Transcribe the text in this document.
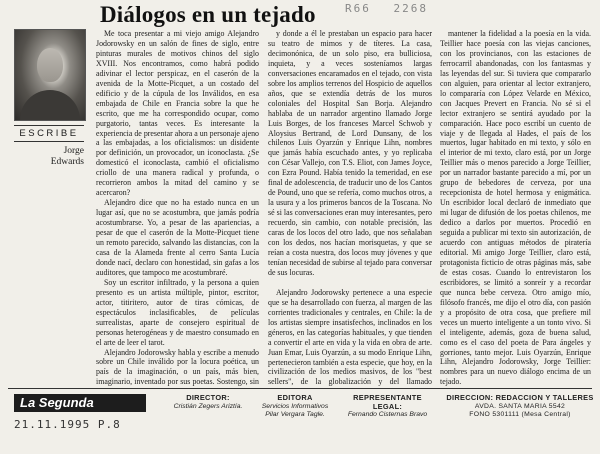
Diálogos en un tejado	R66 2268
ESCRIBE
Jorge
Edwards

Me toca presentar a mi viejo amigo Alejandro Jodorowsky en un salón de fines de siglo, entre pinturas murales de motivos chinos del siglo XVIII. Nos encontramos, como habrá podido adivinar el lector perspicaz, en el caserón de la avenida de la Motte-Picquet, a un costado del edificio y de la cúpula de los Inválidos, en esa embajada de Chile en Francia sobre la que he escrito, que me ha correspondido ocupar, como purgatorio, tantas veces. Es interesante la experiencia de presentar ahora a un personaje ajeno a las embajadas, a los oficialismos: un disidente por definición, un provocador, un iconoclasta. ¿Se domesticó el iconoclasta, cambió el oficialismo criollo de una manera radical y profunda, o recorrieron ambos la mitad del camino y se acercaron?

Alejandro dice que no ha estado nunca en un lugar así, que no se acostumbra, que jamás podría acostumbrarse. Yo, a pesar de las apariencias, a pesar de que el caserón de la Motte-Picquet tiene un remoto parecido, salvando las distancias, con la casa de la Alameda frente al cerro Santa Lucía donde nací, declaro con honestidad, sin gafas a los auditores, que tampoco me acostumbraré.

Soy un escritor infiltrado, y la persona a quien presento es un artista múltiple, pintor, escritor, actor, titiritero, autor de tiras cómicas, de espectáculos inclasificables, de películas surrealistas, aparte de consejero espiritual de personas heterogéneas y de maestro consumado en el arte de leer el tarot.

Alejandro Jodorowsky habla y escribe a menudo sobre un Chile inválido por la locura poética, un país de la imaginación, o un país, más bien, imaginario, inventado por sus poetas. Sostengo, sin

y donde a él le prestaban un espacio para hacer su teatro de mimos y de títeres. La casa, decimonónica, de un solo piso, era bulliciosa, inquieta, y a veces sosteníamos largas conversaciones encaramados en el tejado, con vista sobre los amplios terrenos del Hospicio de aquellos años, que se extendía detrás de los muros coloniales del Hospital San Borja. Alejandro hablaba de un narrador argentino llamado Jorge Luis Borges, de los franceses Marcel Schwob y Aloysius Bertrand, de Lord Dunsany, de los chilenos Luis Oyarzún y Enrique Lihn, nombres que jamás había escuchado antes, y yo replicaba con César Vallejo, con T.S. Eliot, con James Joyce, con Ezra Pound. Había tenido la temeridad, en ese final de adolescencia, de traducir uno de los Cantos de Pound, uno que se refería, como muchos otros, a la usura y a los primeros bancos de la Toscana. No sé si las conversaciones eran muy interesantes, pero recuerdo, sin cambio, con notable precisión, las caras de los locos del otro lado, que nos señalaban con los dedos, nos hacían morisquetas, y que se reían a costa nuestra, dos locos muy jóvenes y que tenían necesidad de subirse al tejado para conversar de sus locuras.

Alejandro Jodorowsky pertenece a una especie que se ha desarrollado con fuerza, al margen de las corrientes tradicionales y centrales, en Chile: la de los artistas siempre insatisfechos, inclinados en los géneros, en las categorías habituales, y que tienden a convertir el arte en vida y la vida en obra de arte. Juan Emar, Luis Oyarzún, a su modo Enrique Lihn, pertenecieron también a esta especie, que hoy, en la civilización de los medios masivos, de los "best sellers", de la globalización y del llamado

mantener la fidelidad a la poesía en la vida. Teillier hace poesía con las viejas canciones, con los provincianos, con las estaciones de ferrocarril abandonadas, con los fantasmas y las leyendas del sur. Si tuviera que compararlo con alguien, para orientar al lector extranjero, lo compararía con López Velarde en México, con Jacques Prevert en Francia. No sé si el lector extranjero se sentirá ayudado por la comparación. Hace poco escribí un cuento de viaje y de llegada al Hades, el país de los muertos, lugar habitado en mi texto, y sólo en el interior de mi texto, claro está, por un Jorge Teillier más o menos parecido a Jorge Teillier, por un narrador bastante parecido a mí, por un grupo de bebedores de cerveza, por una recepcionista de hotel hermosa y enigmática. Un escribidor local declaró de inmediato que mi lugar de difusión de los poetas chilenos, me dedico a darlos por muertos. Procedió en seguida a publicar mi texto sin autorización, de acuerdo con antiguas métodos de piratería editorial. Mi amigo Jorge Teillier, claro está, protagonista ficticio de otras páginas más, sabe de estas cosas. Cuando lo entrevistaron los escribidores, se limitó a sonreír y a recordar que nunca bebe cerveza. Otro amigo mío, filósofo francés, me dijo el otro día, con pasión y a propósito de otra cosa, que prefiere mil veces un muerto inteligente a un tonto vivo. Si el inteligente, además, goza de buena salud, como es el caso del poeta de Para ángeles y gorriones, tanto mejor. Luis Oyarzún, Enrique Lihn, Alejandro Jodorowsky, Jorge Teillier: nombres para un nuevo diálogo encima de un tejado.

La Segunda
21.11.1995 P.8
DIRECTOR:
Cristián Zegers Ariztía.
EDITORA
Servicios Informativos
Pilar Vergara Tagle.
REPRESENTANTE LEGAL:
Fernando Cisternas Bravo
DIRECCION: REDACCION Y TALLERES
AVDA. SANTA MARIA 5542
FONO 5301111 (Mesa Central)
